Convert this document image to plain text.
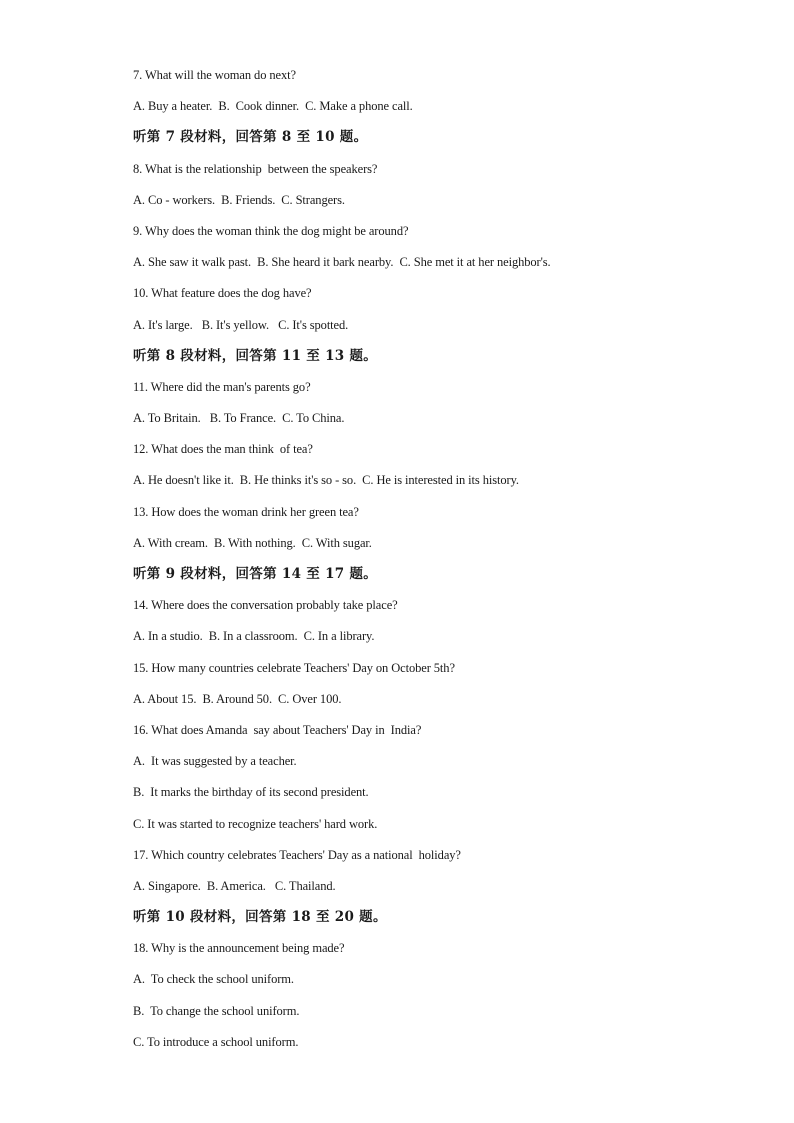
7. What will the woman do next?
A. Buy a heater.  B.  Cook dinner.  C. Make a phone call.
听第 7 段材料，回答第 8 至 10 题。
8. What is the relationship  between the speakers?
A. Co - workers.  B. Friends.  C. Strangers.
9. Why does the woman think the dog might be around?
A. She saw it walk past.  B. She heard it bark nearby.  C. She met it at her neighbor's.
10. What feature does the dog have?
A. It's large.   B. It's yellow.   C. It's spotted.
听第 8 段材料，回答第 11 至 13 题。
11. Where did the man's parents go?
A. To Britain.   B. To France.  C. To China.
12. What does the man think  of tea?
A. He doesn't like it.  B. He thinks it's so - so.  C. He is interested in its history.
13. How does the woman drink her green tea?
A. With cream.  B. With nothing.  C. With sugar.
听第 9 段材料，回答第 14 至 17 题。
14. Where does the conversation probably take place?
A. In a studio.  B. In a classroom.  C. In a library.
15. How many countries celebrate Teachers' Day on October 5th?
A. About 15.  B. Around 50.  C. Over 100.
16. What does Amanda  say about Teachers' Day in  India?
A.  It was suggested by a teacher.
B.  It marks the birthday of its second president.
C. It was started to recognize teachers' hard work.
17. Which country celebrates Teachers' Day as a national  holiday?
A. Singapore.  B. America.   C. Thailand.
听第 10 段材料，回答第 18 至 20 题。
18. Why is the announcement being made?
A.  To check the school uniform.
B.  To change the school uniform.
C. To introduce a school uniform.
